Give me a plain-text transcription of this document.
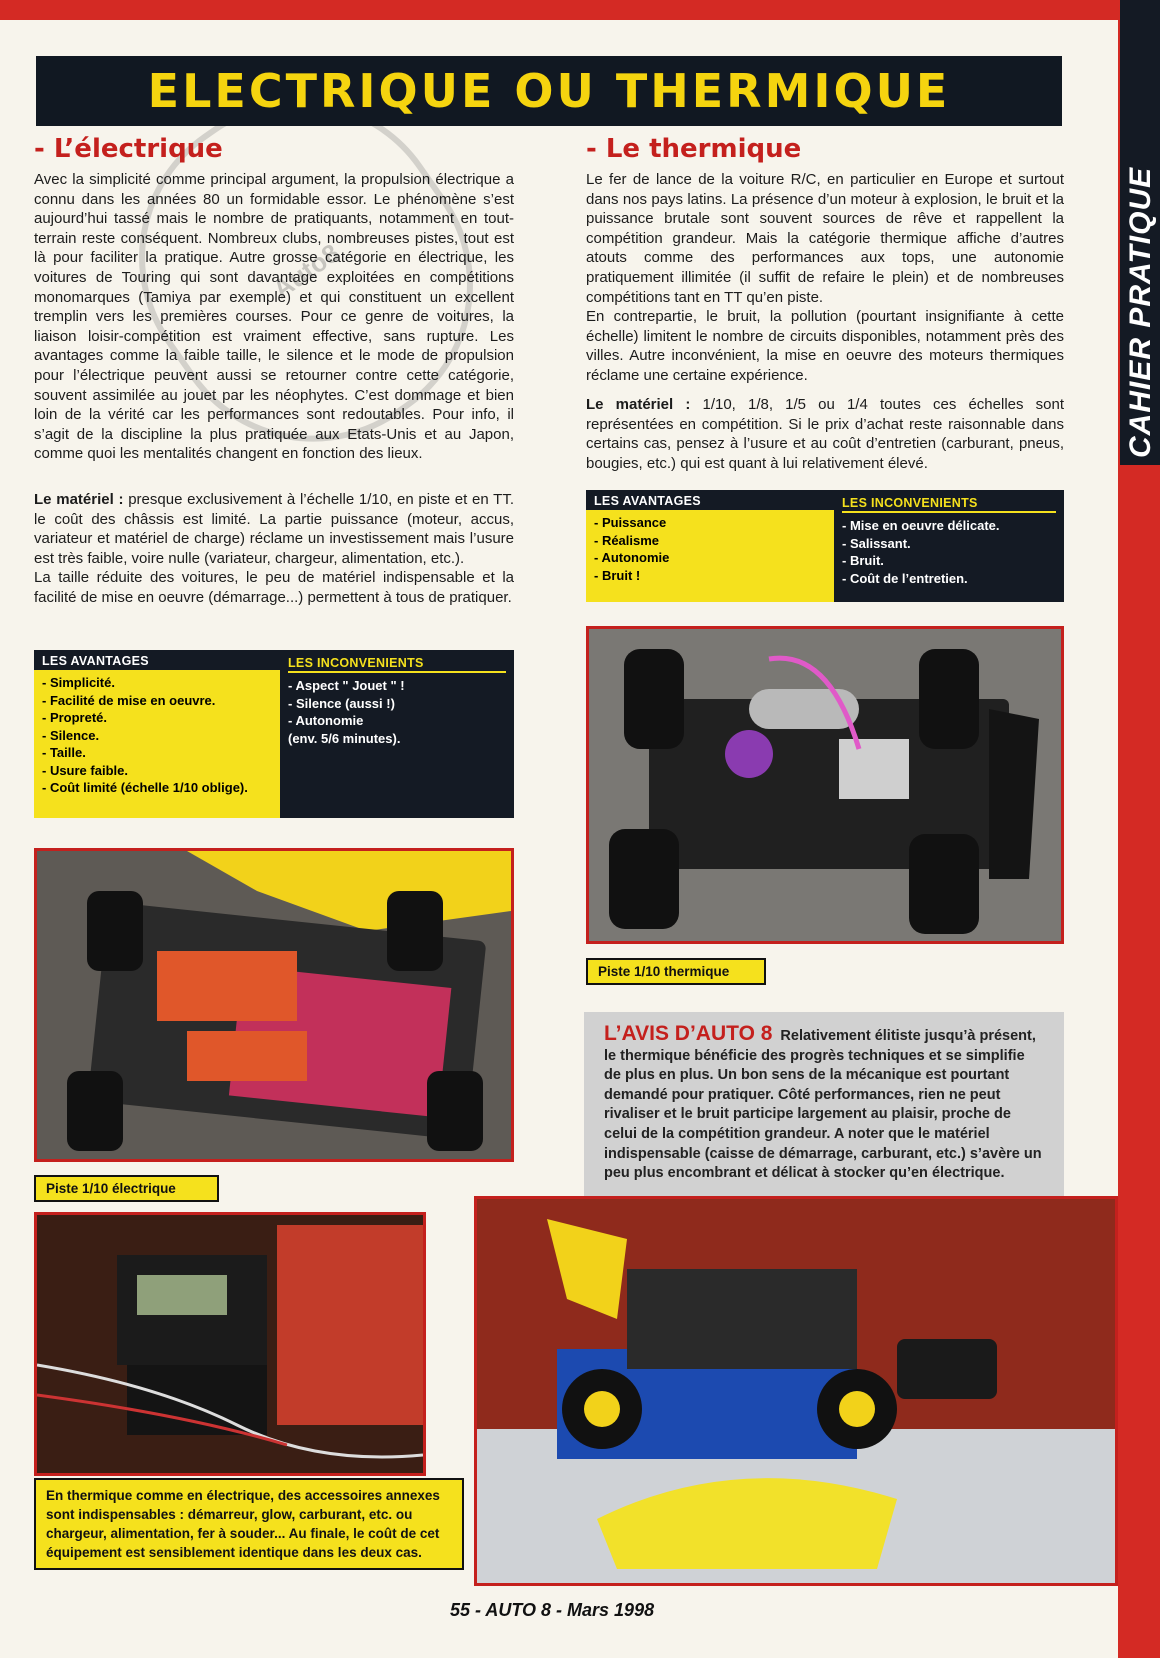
CAHIER PRATIQUE
Auto8
ELECTRIQUE OU THERMIQUE
- L’électrique

Avec la simplicité comme principal argument, la propulsion électrique a connu dans les années 80 un formidable essor. Le phénomène s’est aujourd’hui tassé mais le nombre de pratiquants, notamment en tout-terrain reste conséquent. Nombreux clubs, nombreuses pistes, tout est là pour faciliter la pratique. Autre grosse catégorie en électrique, les voitures de Touring qui sont davantage exploitées en compétitions monomarques (Tamiya par exemple) et qui constituent un excellent tremplin vers les premières courses. Pour ce genre de voitures, la liaison loisir-compétition est vraiment effective, sans rupture. Les avantages comme la faible taille, le silence et le mode de propulsion pour l’électrique peuvent aussi se retourner contre cette catégorie, souvent assimilée au jouet par les néophytes. C’est dommage et bien loin de la vérité car les performances sont redoutables. Pour info, il s’agit de la discipline la plus pratiquée aux Etats-Unis et au Japon, comme quoi les mentalités changent en fonction des lieux.

Le matériel : presque exclusivement à l’échelle 1/10, en piste et en TT. le coût des châssis est limité. La partie puissance (moteur, accus, variateur et matériel de charge) réclame un investissement mais l’usure est très faible, voire nulle (variateur, chargeur, alimentation, etc.).
La taille réduite des voitures, le peu de matériel indispensable et la facilité de mise en oeuvre (démarrage...) permettent à tous de pratiquer.

LES AVANTAGES
- Simplicité.
- Facilité de mise en oeuvre.
- Propreté.
- Silence.
- Taille.
- Usure faible.
- Coût limité (échelle 1/10 oblige).
LES INCONVENIENTS
- Aspect " Jouet " !
- Silence (aussi !)
- Autonomie
(env. 5/6 minutes).
Piste 1/10 électrique
En thermique comme en électrique, des accessoires annexes sont indispensables : démarreur, glow, carburant, etc. ou chargeur, alimentation, fer à souder... Au finale, le coût de cet équipement est sensiblement identique dans les deux cas.
- Le thermique

Le fer de lance de la voiture R/C, en particulier en Europe et surtout dans nos pays latins. La présence d’un moteur à explosion, le bruit et la puissance brutale sont souvent sources de rêve et rappellent la compétition grandeur. Mais la catégorie thermique affiche d’autres atouts comme des performances aux tops, une autonomie pratiquement illimitée (il suffit de refaire le plein) et de nombreuses compétitions tant en TT qu’en piste.
En contrepartie, le bruit, la pollution (pourtant insignifiante à cette échelle) limitent le nombre de circuits disponibles, notamment près des villes. Autre inconvénient, la mise en oeuvre des moteurs thermiques réclame une certaine expérience.

Le matériel : 1/10, 1/8, 1/5 ou 1/4 toutes ces échelles sont représentées en compétition. Si le prix d’achat reste raisonnable dans certains cas, pensez à l’usure et au coût d’entretien (carburant, pneus, bougies, etc.) qui est quant à lui relativement élevé.

LES AVANTAGES
- Puissance
- Réalisme
- Autonomie
- Bruit !
LES INCONVENIENTS
- Mise en oeuvre délicate.
- Salissant.
- Bruit.
- Coût de l’entretien.
Piste 1/10 thermique
L’AVIS D’AUTO 8 Relativement élitiste jusqu’à présent, le thermique bénéficie des progrès techniques et se simplifie de plus en plus. Un bon sens de la mécanique est pourtant demandé pour pratiquer. Côté performances, rien ne peut rivaliser et le bruit participe largement au plaisir, proche de celui de la compétition grandeur. A noter que le matériel indispensable (caisse de démarrage, carburant, etc.) s’avère un peu plus encombrant et délicat à stocker qu’en électrique.
55 - AUTO 8 - Mars 1998
